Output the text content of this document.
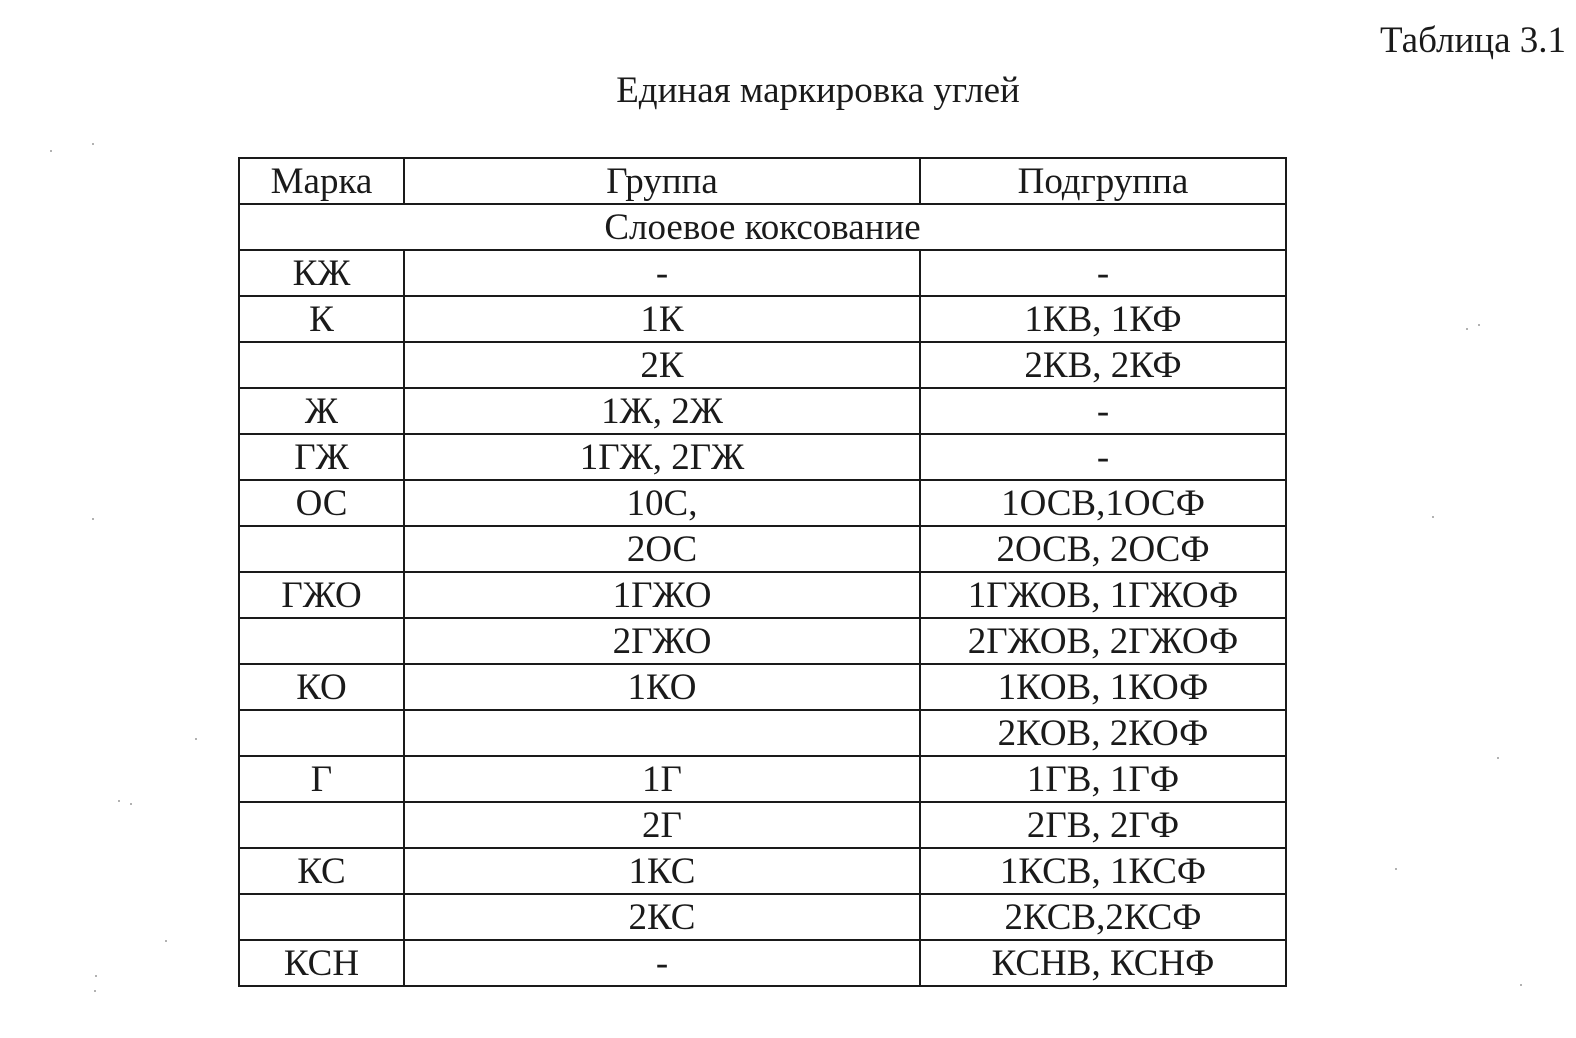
Таблица 3.1
Единая маркировка углей
Марка	Группа	Подгруппа
Слоевое коксование		
КЖ	-	-
К	1К	1КВ, 1КФ
	2К	2КВ, 2КФ
Ж	1Ж, 2Ж	-
ГЖ	1ГЖ, 2ГЖ	-
ОС	10С,	1ОСВ,1ОСФ
	2ОС	2ОСВ, 2ОСФ
ГЖО	1ГЖО	1ГЖОВ, 1ГЖОФ
	2ГЖО	2ГЖОВ, 2ГЖОФ
КО	1КО	1КОВ, 1КОФ
		2КОВ, 2КОФ
Г	1Г	1ГВ, 1ГФ
	2Г	2ГВ, 2ГФ
КС	1КС	1КСВ, 1КСФ
	2КС	2КСВ,2КСФ
КСН	-	КСНВ, КСНФ
